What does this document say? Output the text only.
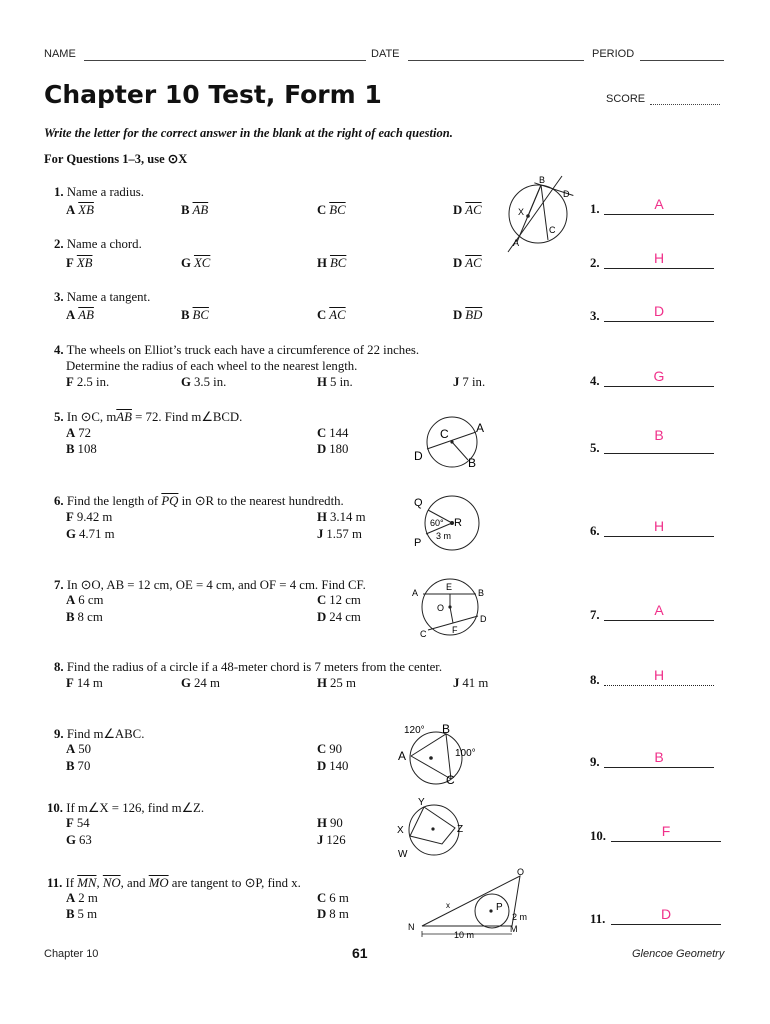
NAME	DATE	PERIOD
Chapter 10 Test, Form 1	SCORE
Write the letter for the correct answer in the blank at the right of each question.
For Questions 1–3, use ⊙X
1. Name a radius.
A $\overline{XB}$	B $\overline{AB}$	C $\overline{BC}$	D $\overline{AC}$
2. Name a chord.
F $\overline{XB}$	G $\overline{XC}$	H $\overline{BC}$	D $\overline{AC}$
3. Name a tangent.
A $\overline{AB}$	B $\overline{BC}$	C $\overline{AC}$	D $\overline{BD}$
4. The wheels on Elliot’s truck each have a circumference of 22 inches.
Determine the radius of each wheel to the nearest length.
F 2.5 in.	G 3.5 in.	H 5 in.	J 7 in.
5. In ⊙C, $m\overline{AB} = 72$. Find m∠BCD.
A 72
B 108
C 144
D 180
6. Find the length of $\overline{PQ}$ in ⊙R to the nearest hundredth.
F 9.42 m
G 4.71 m
H 3.14 m
J 1.57 m
7. In ⊙O, AB = 12 cm, OE = 4 cm, and OF = 4 cm. Find CF.
A 6 cm
B 8 cm
C 12 cm
D 24 cm
8. Find the radius of a circle if a 48-meter chord is 7 meters from the center.
F 14 m	G 24 m	H 25 m	J 41 m
9. Find m∠ABC.
A 50
B 70
C 90
D 140
10. If m∠X = 126, find m∠Z.
F 54
G 63
H 90
J 126
11. If $\overline{MN}$, $\overline{NO}$, and $\overline{MO}$ are tangent to ⊙P, find x.
A 2 m
B 5 m
C 6 m
D 8 m
1.	A
2.	H
3.	D
4.	G
5.
B
6.	H
7.	A
8.	H
9.	B
10.	F
11.	D
B
D
X
C
A
C A
D	B
Q
R
60°
3 m
P
A
E
B
O
C	F
D
120° B
A	100°
C
Y
X	Z
W
O
x	P
2 m
N	M
10 m
Chapter 10	61	Glencoe Geometry
